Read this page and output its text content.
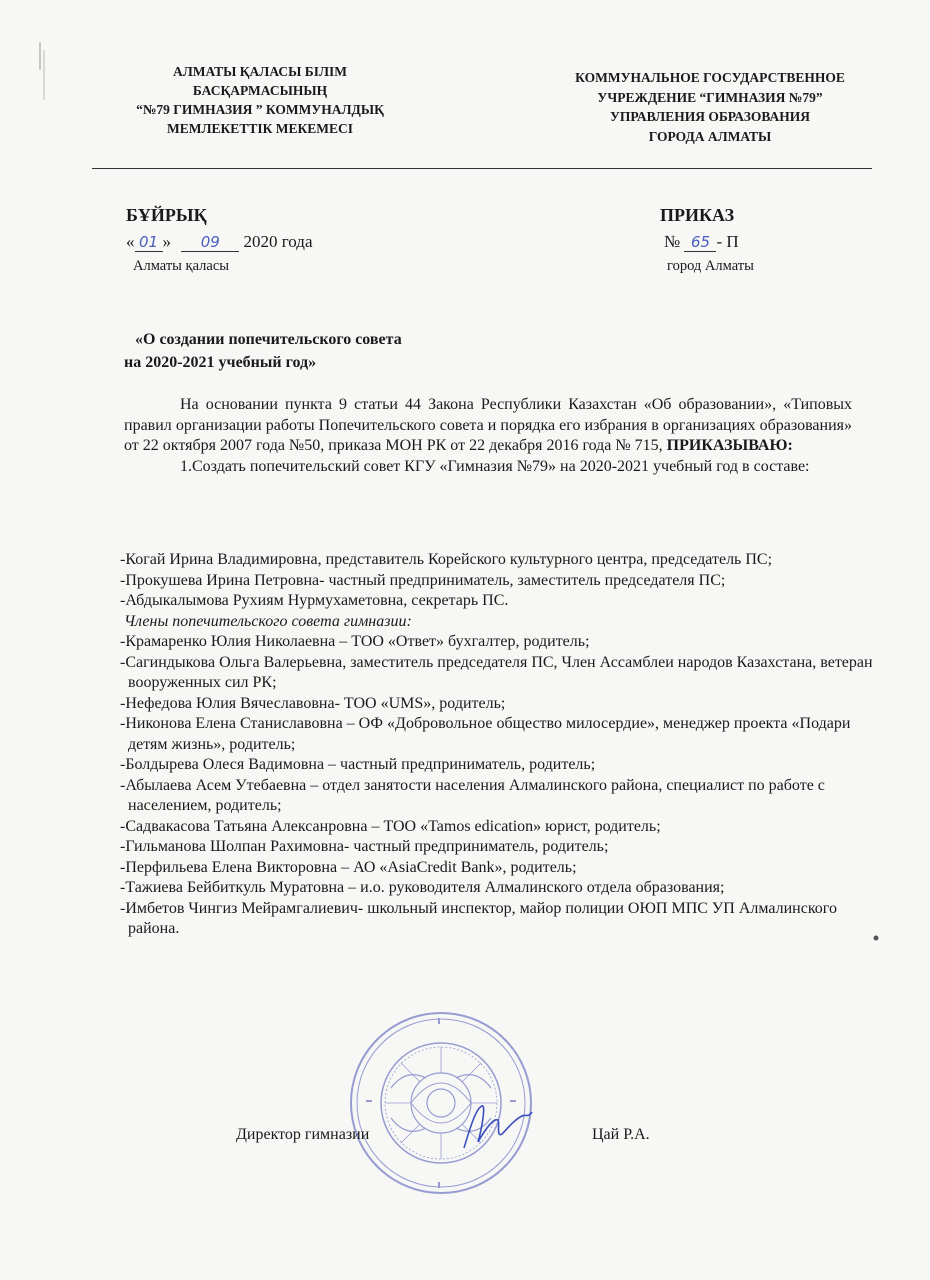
АЛМАТЫ ҚАЛАСЫ БІЛІМ
БАСҚАРМАСЫНЫҢ
“№79 ГИМНАЗИЯ ” КОММУНАЛДЫҚ
МЕМЛЕКЕТТІК МЕКЕМЕСІ
КОММУНАЛЬНОЕ ГОСУДАРСТВЕННОЕ
УЧРЕЖДЕНИЕ “ГИМНАЗИЯ №79”
УПРАВЛЕНИЯ ОБРАЗОВАНИЯ
ГОРОДА АЛМАТЫ
БҰЙРЫҚ	ПРИКАЗ
« 01 » 09 2020 года	№ 65 - П
Алматы қаласы	город Алматы
«О создании попечительского совета
на 2020-2021 учебный год»

На основании пункта 9 статьи 44 Закона Республики Казахстан «Об образовании», «Типовых правил организации работы Попечительского совета и порядка его избрания в организациях образования» от 22 октября 2007 года №50, приказа МОН РК от 22 декабря 2016 года № 715, ПРИКАЗЫВАЮ:

1.Создать попечительский совет КГУ «Гимназия №79» на 2020-2021 учебный год в составе:

-Когай Ирина Владимировна, представитель Корейского культурного центра, председатель ПС;
-Прокушева Ирина Петровна- частный предприниматель, заместитель председателя ПС;
-Абдыкалымова Рухиям Нурмухаметовна, секретарь ПС.
Члены попечительского совета гимназии:
-Крамаренко Юлия Николаевна – ТОО «Ответ» бухгалтер, родитель;
-Сагиндыкова Ольга Валерьевна, заместитель председателя ПС, Член Ассамблеи народов Казахстана, ветеран вооруженных сил РК;
-Нефедова Юлия Вячеславовна- ТОО «UMS», родитель;
-Никонова Елена Станиславовна – ОФ «Добровольное общество милосердие», менеджер проекта «Подари детям жизнь», родитель;
-Болдырева Олеся Вадимовна – частный предприниматель, родитель;
-Абылаева Асем Утебаевна – отдел занятости населения Алмалинского района, специалист по работе с населением, родитель;
-Садвакасова Татьяна Алексанровна – ТОО «Tamos edication» юрист, родитель;
-Гильманова Шолпан Рахимовна- частный предприниматель, родитель;
-Перфильева Елена Викторовна – АО «AsiaCredit Bank», родитель;
-Тажиева Бейбиткуль Муратовна – и.о. руководителя Алмалинского отдела образования;
-Имбетов Чингиз Мейрамгалиевич- школьный инспектор, майор полиции ОЮП МПС УП Алмалинского района.
Директор гимназии	Цай Р.А.
